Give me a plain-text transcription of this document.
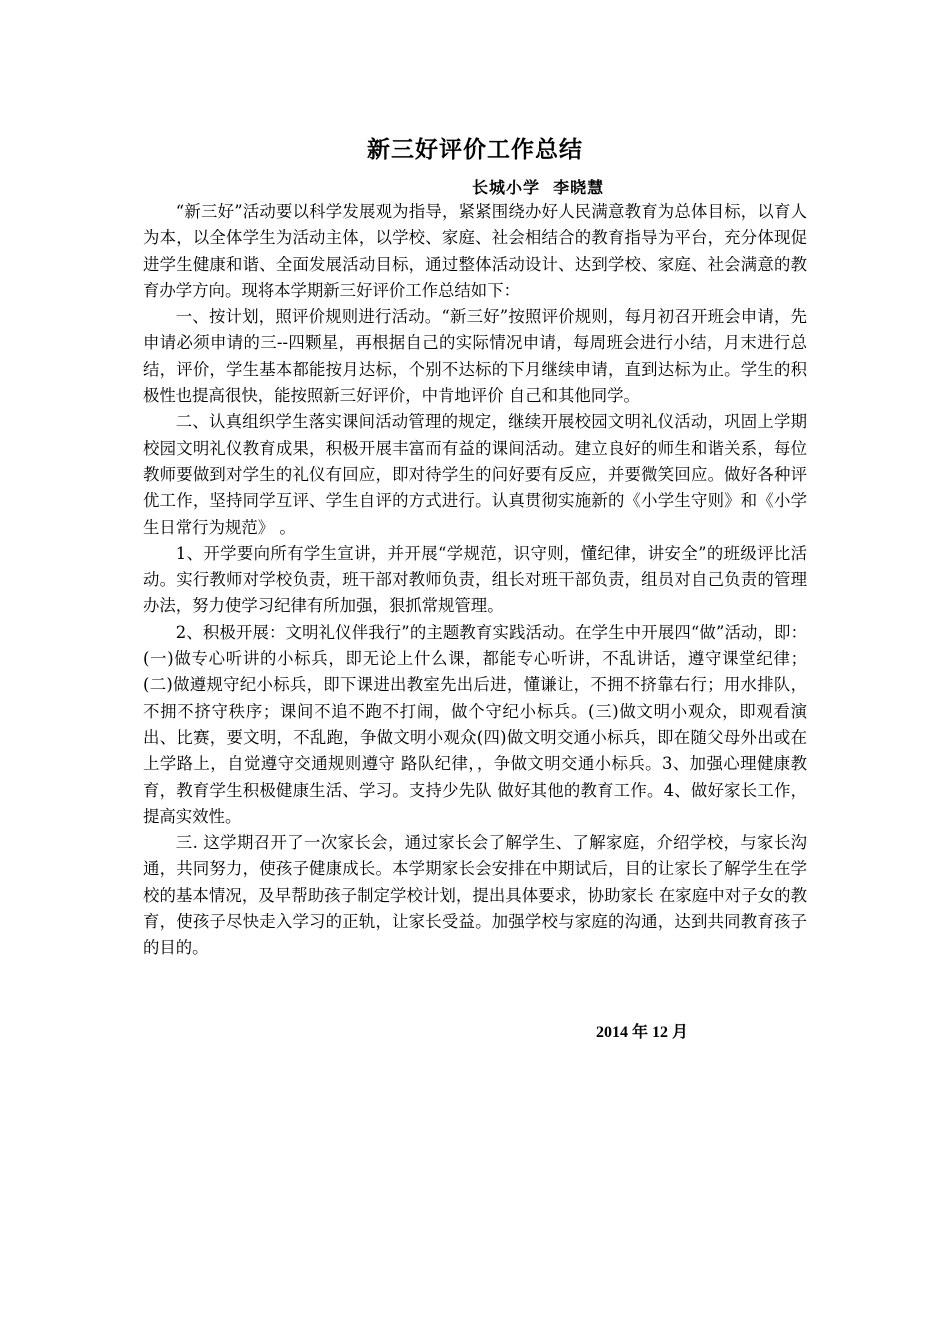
新三好评价工作总结
长城小学  李晓慧

“新三好”活动要以科学发展观为指导，紧紧围绕办好人民满意教育为总体目标，以育人为本，以全体学生为活动主体，以学校、家庭、社会相结合的教育指导为平台，充分体现促进学生健康和谐、全面发展活动目标，通过整体活动设计、达到学校、家庭、社会满意的教育办学方向。现将本学期新三好评价工作总结如下：

一、按计划，照评价规则进行活动。“新三好”按照评价规则，每月初召开班会申请，先申请必须申请的三--四颗星，再根据自己的实际情况申请，每周班会进行小结，月末进行总结，评价，学生基本都能按月达标，个别不达标的下月继续申请，直到达标为止。学生的积极性也提高很快，能按照新三好评价，中肯地评价 自己和其他同学。

二、认真组织学生落实课间活动管理的规定，继续开展校园文明礼仪活动，巩固上学期校园文明礼仪教育成果，积极开展丰富而有益的课间活动。建立良好的师生和谐关系，每位教师要做到对学生的礼仪有回应，即对待学生的问好要有反应，并要微笑回应。做好各种评优工作，坚持同学互评、学生自评的方式进行。认真贯彻实施新的《小学生守则》和《小学生日常行为规范》 。

1、开学要向所有学生宣讲，并开展“学规范，识守则，懂纪律，讲安全”的班级评比活动。实行教师对学校负责，班干部对教师负责，组长对班干部负责，组员对自己负责的管理办法，努力使学习纪律有所加强，狠抓常规管理。

2、积极开展：文明礼仪伴我行”的主题教育实践活动。在学生中开展四“做”活动，即：(一)做专心听讲的小标兵，即无论上什么课，都能专心听讲，不乱讲话，遵守课堂纪律；(二)做遵规守纪小标兵，即下课进出教室先出后进，懂谦让，不拥不挤靠右行；用水排队，不拥不挤守秩序；课间不追不跑不打闹，做个守纪小标兵。(三)做文明小观众，即观看演出、比赛，要文明，不乱跑，争做文明小观众(四)做文明交通小标兵，即在随父母外出或在上学路上，自觉遵守交通规则遵守 路队纪律，，争做文明交通小标兵。3、加强心理健康教育，教育学生积极健康生活、学习。支持少先队 做好其他的教育工作。4、做好家长工作，提高实效性。

三. 这学期召开了一次家长会，通过家长会了解学生、了解家庭，介绍学校，与家长沟通，共同努力，使孩子健康成长。本学期家长会安排在中期试后，目的让家长了解学生在学校的基本情况，及早帮助孩子制定学校计划，提出具体要求，协助家长 在家庭中对子女的教育，使孩子尽快走入学习的正轨，让家长受益。加强学校与家庭的沟通，达到共同教育孩子的目的。

2014 年 12 月
